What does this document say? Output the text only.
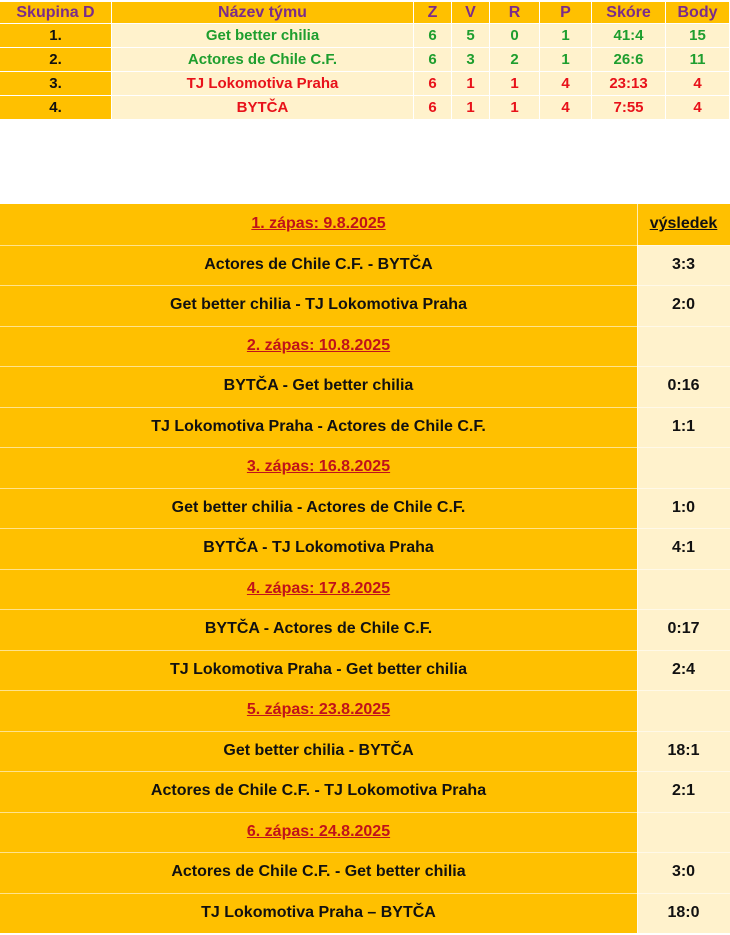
Skupina D	Název týmu	Z	V	R	P	Skóre	Body
1.	Get better chilia	6	5	0	1	41:4	15
2.	Actores de Chile C.F.	6	3	2	1	26:6	11
3.	TJ Lokomotiva Praha	6	1	1	4	23:13	4
4.	BYTČA	6	1	1	4	7:55	4
1. zápas: 9.8.2025	výsledek
Actores de Chile C.F. - BYTČA	3:3
Get better chilia - TJ Lokomotiva Praha	2:0
2. zápas: 10.8.2025
BYTČA - Get better chilia	0:16
TJ Lokomotiva Praha - Actores de Chile C.F.	1:1
3. zápas: 16.8.2025
Get better chilia - Actores de Chile C.F.	1:0
BYTČA - TJ Lokomotiva Praha	4:1
4. zápas: 17.8.2025
BYTČA - Actores de Chile C.F.	0:17
TJ Lokomotiva Praha - Get better chilia	2:4
5. zápas: 23.8.2025
Get better chilia - BYTČA	18:1
Actores de Chile C.F. - TJ Lokomotiva Praha	2:1
6. zápas: 24.8.2025
Actores de Chile C.F. - Get better chilia	3:0
TJ Lokomotiva Praha – BYTČA	18:0
